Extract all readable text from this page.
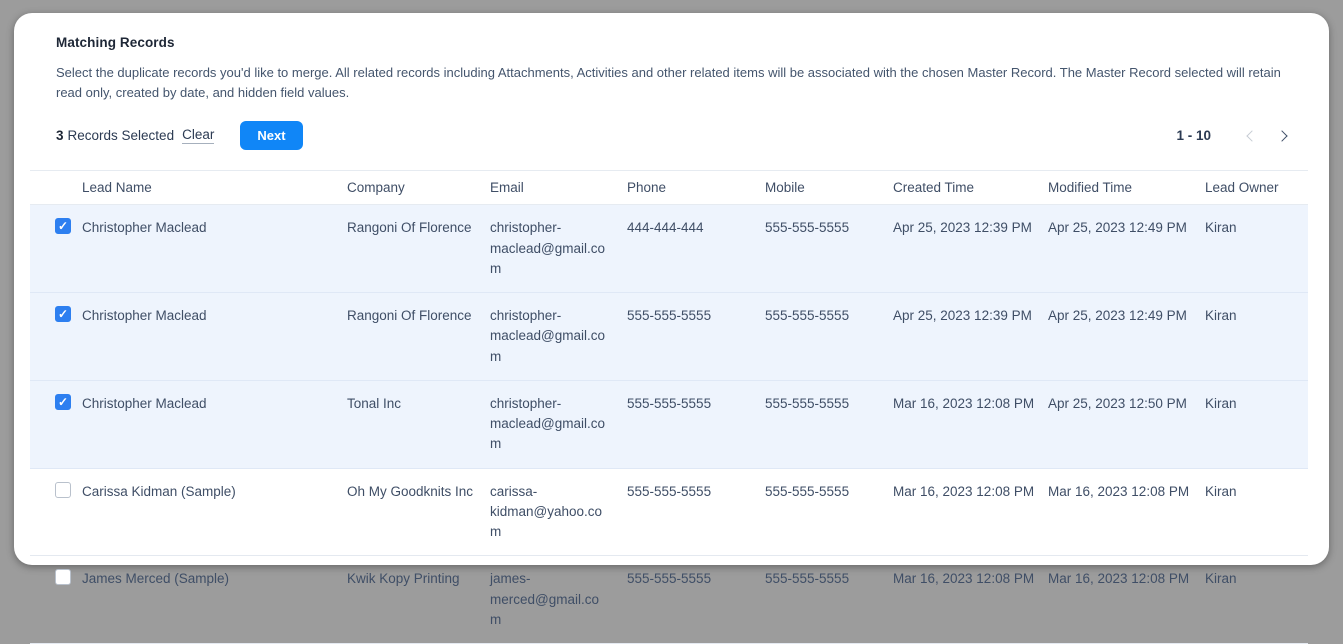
Matching Records
Select the duplicate records you'd like to merge. All related records including Attachments, Activities and other related items will be associated with the chosen Master Record. The Master Record selected will retain read only, created by date, and hidden field values.
3 Records Selected Clear	Next	1 - 10
	Lead Name	Company	Email	Phone	Mobile	Created Time	Modified Time	Lead Owner
✓	Christopher Maclead	Rangoni Of Florence	christopher-maclead@gmail.com	444-444-444	555-555-5555	Apr 25, 2023 12:39 PM	Apr 25, 2023 12:49 PM	Kiran
✓	Christopher Maclead	Rangoni Of Florence	christopher-maclead@gmail.com	555-555-5555	555-555-5555	Apr 25, 2023 12:39 PM	Apr 25, 2023 12:49 PM	Kiran
✓	Christopher Maclead	Tonal Inc	christopher-maclead@gmail.com	555-555-5555	555-555-5555	Mar 16, 2023 12:08 PM	Apr 25, 2023 12:50 PM	Kiran
	Carissa Kidman (Sample)	Oh My Goodknits Inc	carissa-kidman@yahoo.com	555-555-5555	555-555-5555	Mar 16, 2023 12:08 PM	Mar 16, 2023 12:08 PM	Kiran
	James Merced (Sample)	Kwik Kopy Printing	james-merced@gmail.com	555-555-5555	555-555-5555	Mar 16, 2023 12:08 PM	Mar 16, 2023 12:08 PM	Kiran
